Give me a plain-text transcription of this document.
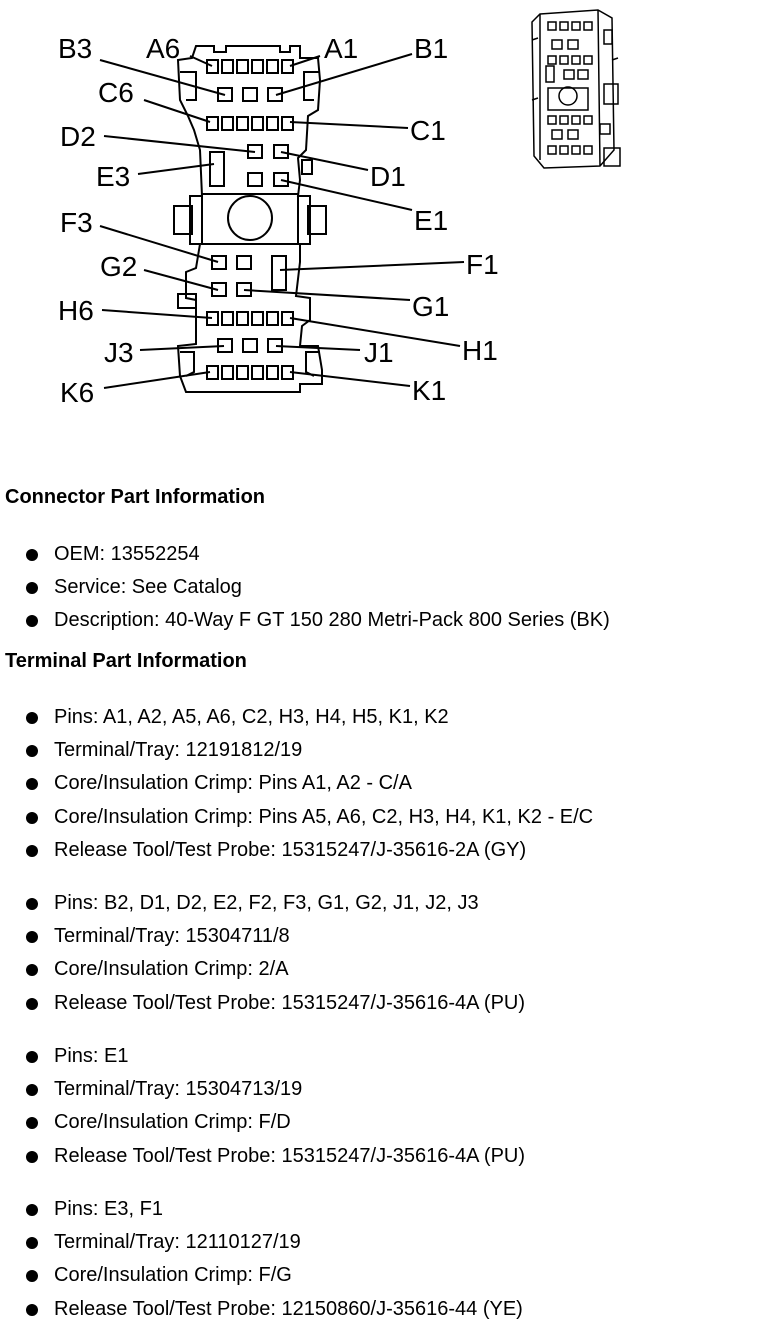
B3 A6	A1 B1
C6
C1
D2
D1
E3
E1
F3
F1
G2
G1
H6
H1
J3	J1
K6	K1
Connector Part Information
OEM: 13552254
Service: See Catalog
Description: 40-Way F GT 150 280 Metri-Pack 800 Series (BK)
Terminal Part Information
Pins: A1, A2, A5, A6, C2, H3, H4, H5, K1, K2
Terminal/Tray: 12191812/19
Core/Insulation Crimp: Pins A1, A2 - C/A
Core/Insulation Crimp: Pins A5, A6, C2, H3, H4, K1, K2 - E/C
Release Tool/Test Probe: 15315247/J-35616-2A (GY)
Pins: B2, D1, D2, E2, F2, F3, G1, G2, J1, J2, J3
Terminal/Tray: 15304711/8
Core/Insulation Crimp: 2/A
Release Tool/Test Probe: 15315247/J-35616-4A (PU)
Pins: E1
Terminal/Tray: 15304713/19
Core/Insulation Crimp: F/D
Release Tool/Test Probe: 15315247/J-35616-4A (PU)
Pins: E3, F1
Terminal/Tray: 12110127/19
Core/Insulation Crimp: F/G
Release Tool/Test Probe: 12150860/J-35616-44 (YE)
